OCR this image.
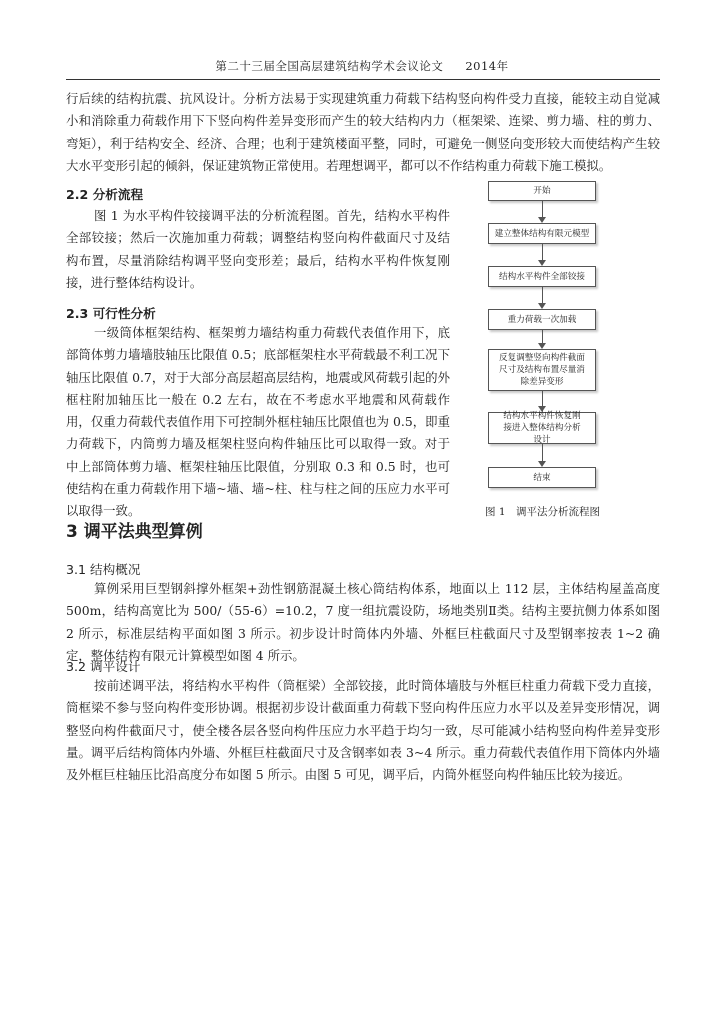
第二十三届全国高层建筑结构学术会议论文 2014年

行后续的结构抗震、抗风设计。分析方法易于实现建筑重力荷载下结构竖向构件受力直接，能较主动自觉减小和消除重力荷载作用下下竖向构件差异变形而产生的较大结构内力（框架梁、连梁、剪力墙、柱的剪力、弯矩），利于结构安全、经济、合理；也利于建筑楼面平整，同时，可避免一侧竖向变形较大而使结构产生较大水平变形引起的倾斜，保证建筑物正常使用。若理想调平，都可以不作结构重力荷载下施工模拟。

2.2 分析流程

图 1 为水平构件铰接调平法的分析流程图。首先，结构水平构件全部铰接；然后一次施加重力荷载；调整结构竖向构件截面尺寸及结构布置，尽量消除结构调平竖向变形差；最后，结构水平构件恢复刚接，进行整体结构设计。

2.3 可行性分析

一级筒体框架结构、框架剪力墙结构重力荷载代表值作用下，底部筒体剪力墙墙肢轴压比限值 0.5；底部框架柱水平荷载最不利工况下轴压比限值 0.7，对于大部分高层超高层结构，地震或风荷载引起的外框柱附加轴压比一般在 0.2 左右，故在不考虑水平地震和风荷载作用，仅重力荷载代表值作用下可控制外框柱轴压比限值也为 0.5，即重力荷载下，内筒剪力墙及框架柱竖向构件轴压比可以取得一致。对于中上部筒体剪力墙、框架柱轴压比限值，分别取 0.3 和 0.5 时，也可使结构在重力荷载作用下墙~墙、墙~柱、柱与柱之间的压应力水平可以取得一致。

开始
建立整体结构有限元模型
结构水平构件全部铰接
重力荷载一次加载
反复调整竖向构件截面尺寸及结构布置尽量消除差异变形
结构水平构件恢复刚接进入整体结构分析设计
结束
图 1　调平法分析流程图

3 调平法典型算例

3.1 结构概况

算例采用巨型钢斜撑外框架+劲性钢筋混凝土核心筒结构体系，地面以上 112 层，主体结构屋盖高度 500m，结构高宽比为 500/（55-6）=10.2，7 度一组抗震设防，场地类别Ⅱ类。结构主要抗侧力体系如图 2 所示，标准层结构平面如图 3 所示。初步设计时筒体内外墙、外框巨柱截面尺寸及型钢率按表 1~2 确定，整体结构有限元计算模型如图 4 所示。

3.2 调平设计

按前述调平法，将结构水平构件（筒框梁）全部铰接，此时筒体墙肢与外框巨柱重力荷载下受力直接，筒框梁不参与竖向构件变形协调。根据初步设计截面重力荷载下竖向构件压应力水平以及差异变形情况，调整竖向构件截面尺寸，使全楼各层各竖向构件压应力水平趋于均匀一致，尽可能减小结构竖向构件差异变形量。调平后结构筒体内外墙、外框巨柱截面尺寸及含钢率如表 3~4 所示。重力荷载代表值作用下筒体内外墙及外框巨柱轴压比沿高度分布如图 5 所示。由图 5 可见，调平后，内筒外框竖向构件轴压比较为接近。
